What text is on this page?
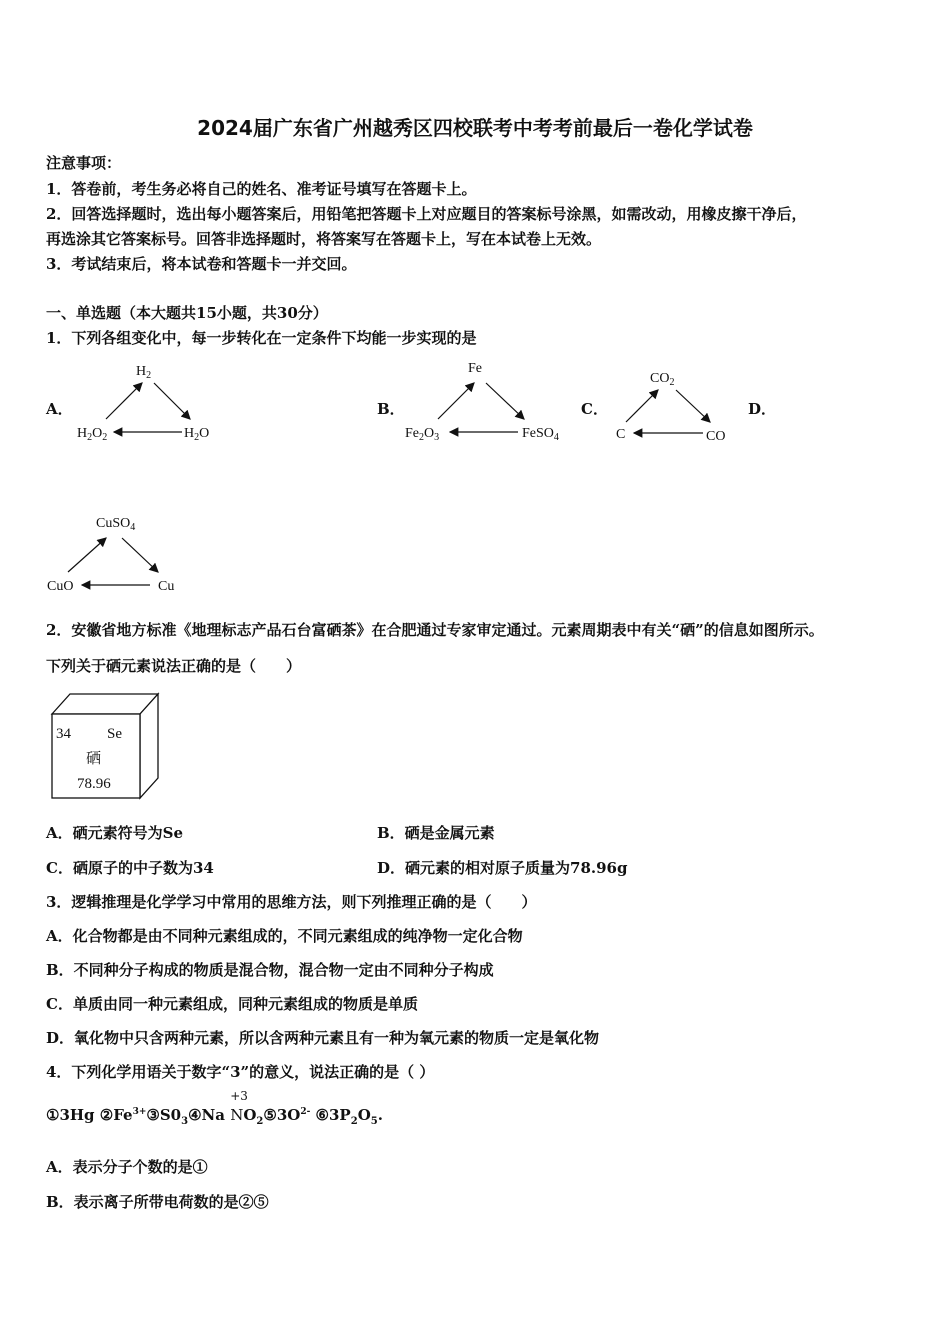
2024届广东省广州越秀区四校联考中考考前最后一卷化学试卷
注意事项：
1．答卷前，考生务必将自己的姓名、准考证号填写在答题卡上。
2．回答选择题时，选出每小题答案后，用铅笔把答题卡上对应题目的答案标号涂黑，如需改动，用橡皮擦干净后，
再选涂其它答案标号。回答非选择题时，将答案写在答题卡上，写在本试卷上无效。
3．考试结束后，将本试卷和答题卡一并交回。
一、单选题（本大题共15小题，共30分）
1．下列各组变化中，每一步转化在一定条件下均能一步实现的是
A．	B．	C．	D．
$H_2$
$H_2O_2$	$H_2O$
Fe
$Fe_2O_3$	FeSO$_4$
$CO_2$
C	CO
CuSO$_4$
CuO	Cu
2．安徽省地方标准《地理标志产品石台富硒茶》在合肥通过专家审定通过。元素周期表中有关“硒”的信息如图所示。
下列关于硒元素说法正确的是（　　）
34 Se
硒
78.96
A．硒元素符号为Se	B．硒是金属元素
C．硒原子的中子数为34	D．硒元素的相对原子质量为78.96g
3．逻辑推理是化学学习中常用的思维方法，则下列推理正确的是（　　）
A．化合物都是由不同种元素组成的，不同元素组成的纯净物一定化合物
B．不同种分子构成的物质是混合物，混合物一定由不同种分子构成
C．单质由同一种元素组成，同种元素组成的物质是单质
D．氧化物中只含两种元素，所以含两种元素且有一种为氧元素的物质一定是氧化物
4．下列化学用语关于数字“3”的意义，说法正确的是（ ）
①3Hg $②Fe^{3+}③S0_3④Na$
+3
$NO_2⑤3O^{2-}$ $⑥3P_2O_5$.
A．表示分子个数的是①
B．表示离子所带电荷数的是②⑤
